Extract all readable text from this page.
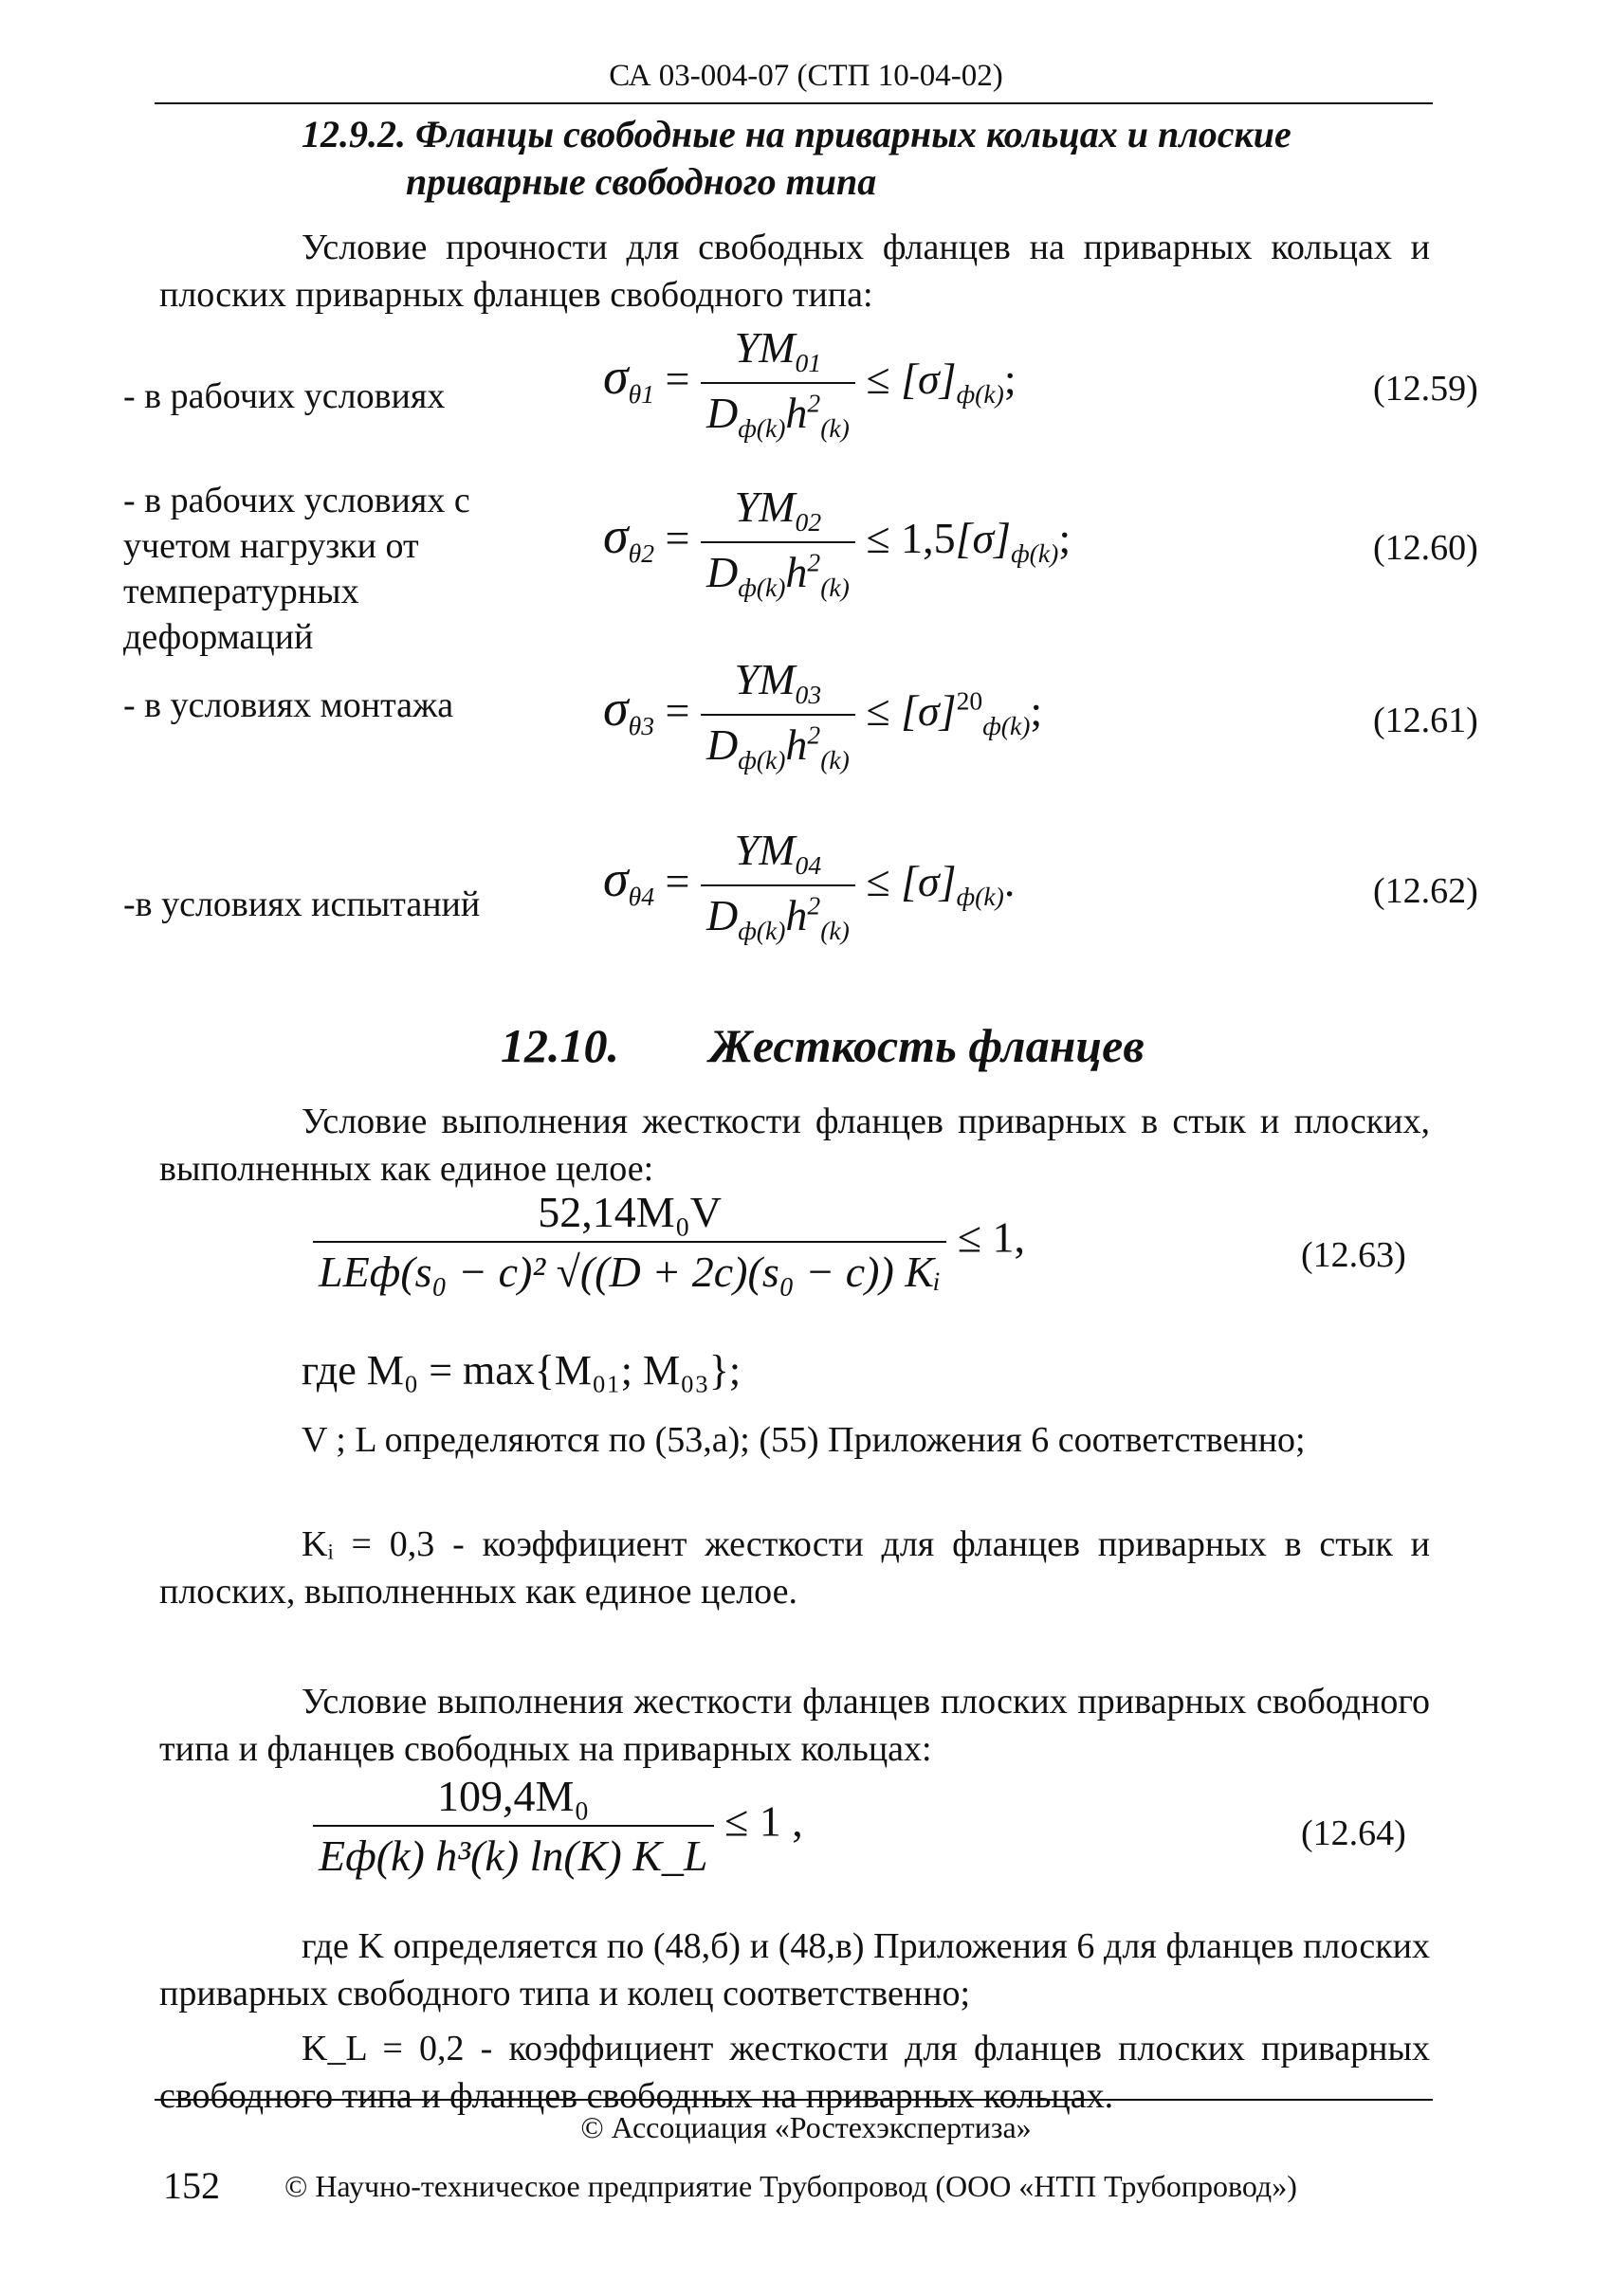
СА 03-004-07 (СТП 10-04-02)
12.9.2. Фланцы свободные на приварных кольцах и плоские
приварные свободного типа
Условие прочности для свободных фланцев на приварных кольцах и плоских приварных фланцев свободного типа:
- в рабочих условиях	$\sigma_{\theta 1} = \frac{YM_{01}}{D_{ф(k)}h^2_{(k)}} \le [\sigma]_{ф(k)}$;	(12.59)
- в рабочих условиях с учетом нагрузки от температурных деформаций
$\sigma_{\theta 2} = \frac{YM_{02}}{D_{ф(k)}h^2_{(k)}} \le 1,5[\sigma]_{ф(k)}$;	(12.60)
- в условиях монтажа	$\sigma_{\theta 3} = \frac{YM_{03}}{D_{ф(k)}h^2_{(k)}} \le [\sigma]^{20}_{ф(k)}$;	(12.61)
-в условиях испытаний	$\sigma_{\theta 4} = \frac{YM_{04}}{D_{ф(k)}h^2_{(k)}} \le [\sigma]_{ф(k)}$.	(12.62)
12.10. Жесткость фланцев
Условие выполнения жесткости фланцев приварных в стык и плоских, выполненных как единое целое:
$\frac{\text{52,14M₀V}}{\text{LEф(s₀ − c)² √((D + 2c)(s₀ − c)) Kᵢ}} \le 1$,	(12.63)
где M₀ = max{M₀₁; M₀₃};
V ; L определяются по (53,а); (55) Приложения 6 соответственно;
Kᵢ = 0,3 - коэффициент жесткости для фланцев приварных в стык и плоских, выполненных как единое целое.
Условие выполнения жесткости фланцев плоских приварных свободного типа и фланцев свободных на приварных кольцах:
$\frac{\text{109,4M₀}}{\text{Eф(k) h³(k) ln(K) K\_L}} \le 1$ ,	(12.64)
где K определяется по (48,б) и (48,в) Приложения 6 для фланцев плоских приварных свободного типа и колец соответственно;
K_L = 0,2 - коэффициент жесткости для фланцев плоских приварных свободного типа и фланцев свободных на приварных кольцах.
© Ассоциация «Ростехэкспертиза»
152 © Научно-техническое предприятие Трубопровод (ООО «НТП Трубопровод»)
